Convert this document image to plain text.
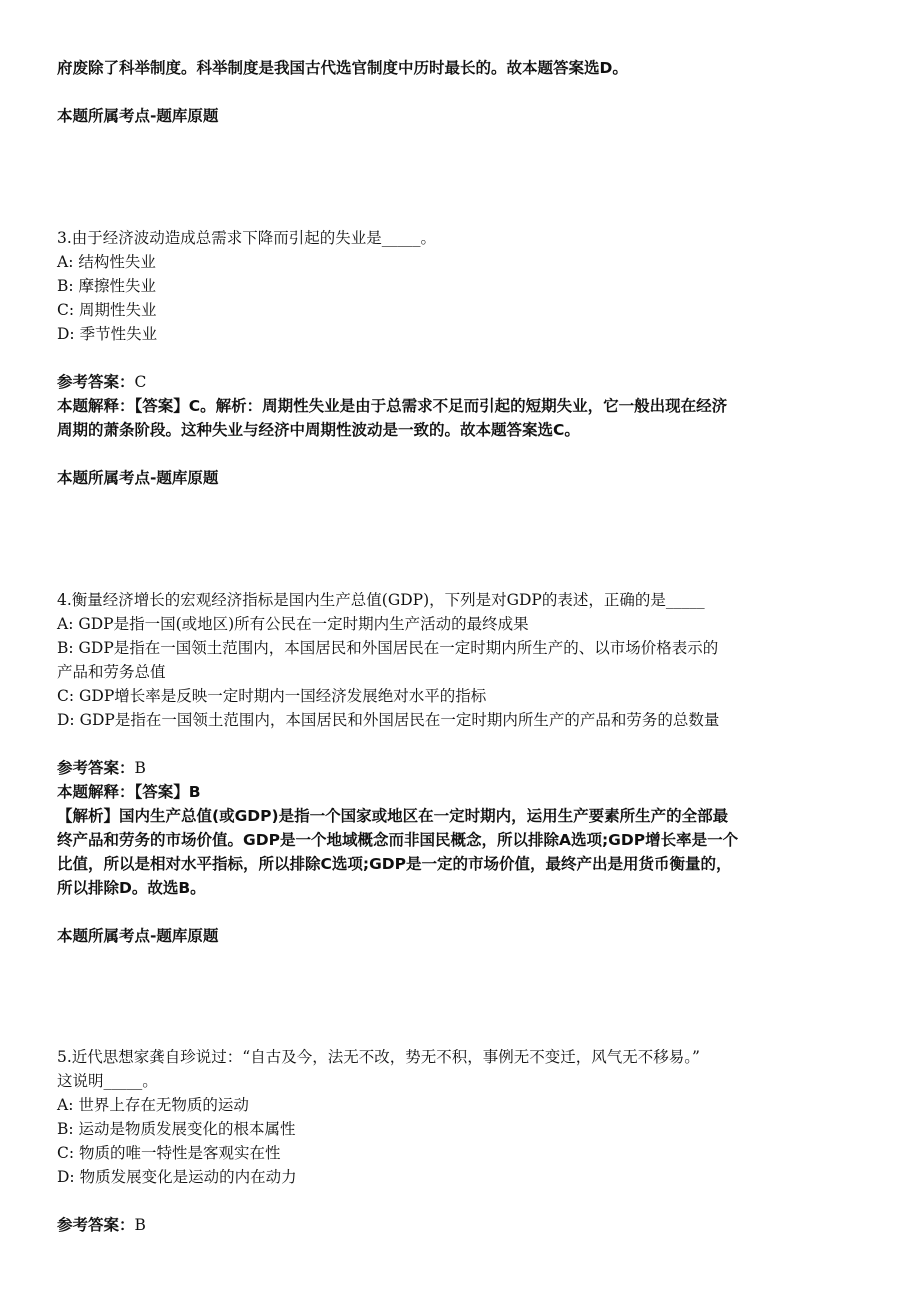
府废除了科举制度。科举制度是我国古代选官制度中历时最长的。故本题答案选D。
本题所属考点-题库原题
3.由于经济波动造成总需求下降而引起的失业是_____。
A: 结构性失业
B: 摩擦性失业
C: 周期性失业
D: 季节性失业
参考答案：C
本题解释：【答案】C。解析：周期性失业是由于总需求不足而引起的短期失业，它一般出现在经济
周期的萧条阶段。这种失业与经济中周期性波动是一致的。故本题答案选C。
本题所属考点-题库原题
4.衡量经济增长的宏观经济指标是国内生产总值(GDP)，下列是对GDP的表述，正确的是_____
A: GDP是指一国(或地区)所有公民在一定时期内生产活动的最终成果
B: GDP是指在一国领土范围内，本国居民和外国居民在一定时期内所生产的、以市场价格表示的
产品和劳务总值
C: GDP增长率是反映一定时期内一国经济发展绝对水平的指标
D: GDP是指在一国领土范围内，本国居民和外国居民在一定时期内所生产的产品和劳务的总数量
参考答案：B
本题解释：【答案】B
【解析】国内生产总值(或GDP)是指一个国家或地区在一定时期内，运用生产要素所生产的全部最
终产品和劳务的市场价值。GDP是一个地域概念而非国民概念，所以排除A选项;GDP增长率是一个
比值，所以是相对水平指标，所以排除C选项;GDP是一定的市场价值，最终产出是用货币衡量的，
所以排除D。故选B。
本题所属考点-题库原题
5.近代思想家龚自珍说过：“自古及今，法无不改，势无不积，事例无不变迁，风气无不移易。”
这说明_____。
A: 世界上存在无物质的运动
B: 运动是物质发展变化的根本属性
C: 物质的唯一特性是客观实在性
D: 物质发展变化是运动的内在动力
参考答案：B
